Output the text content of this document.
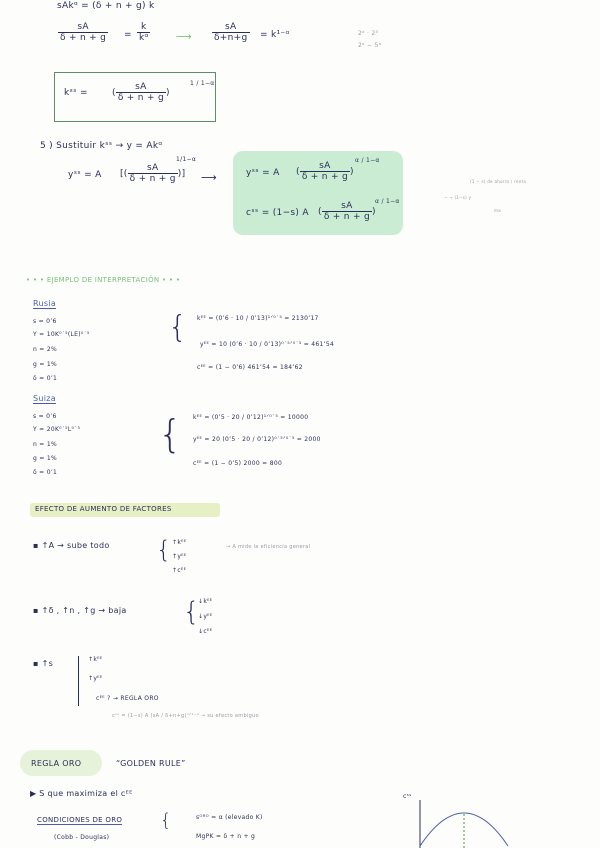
sAkᵅ = (δ + n + g) k
$\frac{sA}{\delta + n + g} = \frac{k}{\text{kᵅ}}$ ⟶ $\frac{sA}{\delta+n+g}$ = k¹⁻ᵅ	2ᵃ · 2³
2ᵃ − 5ᵃ
kˢˢ =	( $\frac{sA}{\delta + n + g}$ )
1 / 1−α
5 ) Sustituir kˢˢ → y = Akᵅ
yˢˢ = A [( $\frac{sA}{\delta + n + g}$ )]
1/1−α
⟶	yˢˢ = A ( $\frac{sA}{\delta + n + g}$ )
α / 1−α
cˢˢ = (1−s) A ( $\frac{sA}{\delta + n + g}$ )
α / 1−α
(1 − s) de ahorro / renta
− → (1−s) y
ma
• • • EJEMPLO DE INTERPRETACIÓN • • •
Rusia
s = 0’6
Y = 10K⁰˙⁵(LE)⁰˙⁵
n = 2%
g = 1%
δ = 0’1
{ kᴱᴱ = (0’6 · 10 / 0’13)¹ᐟ⁰˙⁵ = 2130’17
yᴱᴱ = 10 (0’6 · 10 / 0’13)⁰˙⁵ᐟ⁰˙⁵ = 461’54
cᴱᴱ = (1 − 0’6) 461’54 = 184’62
Suiza
s = 0’6
Y = 20K⁰˙⁵L⁰˙⁵
n = 1%
g = 1%
δ = 0’1
{ kᴱᴱ = (0’5 · 20 / 0’12)¹ᐟ⁰˙⁵ = 10000
yᴱᴱ = 20 (0’5 · 20 / 0’12)⁰˙⁵ᐟ⁰˙⁵ = 2000
cᴱᴱ = (1 − 0’5) 2000 = 800
EFECTO DE AUMENTO DE FACTORES
▪ ↑A → sube todo { ↑kᴱᴱ
↑yᴱᴱ
↑cᴱᴱ
→ A mide la eficiencia general
▪ ↑δ , ↑n , ↑g → baja {
↓kᴱᴱ
↓yᴱᴱ
↓cᴱᴱ
▪ ↑s	↑kᴱᴱ
↑yᴱᴱ
cᴱᴱ ? → REGLA ORO
cˢˢ = (1−s) A (sA / δ+n+g)ᵅᐟ¹⁻ᵅ → su efecto ambiguo
REGLA ORO	“GOLDEN RULE”
▶ S que maximiza el cᴱᴱ
CONDICIONES DE ORO
(Cobb - Douglas)
{	sᴼᴿᴼ = α (elevado K)
MgPK = δ + n + g
cˢˢ
